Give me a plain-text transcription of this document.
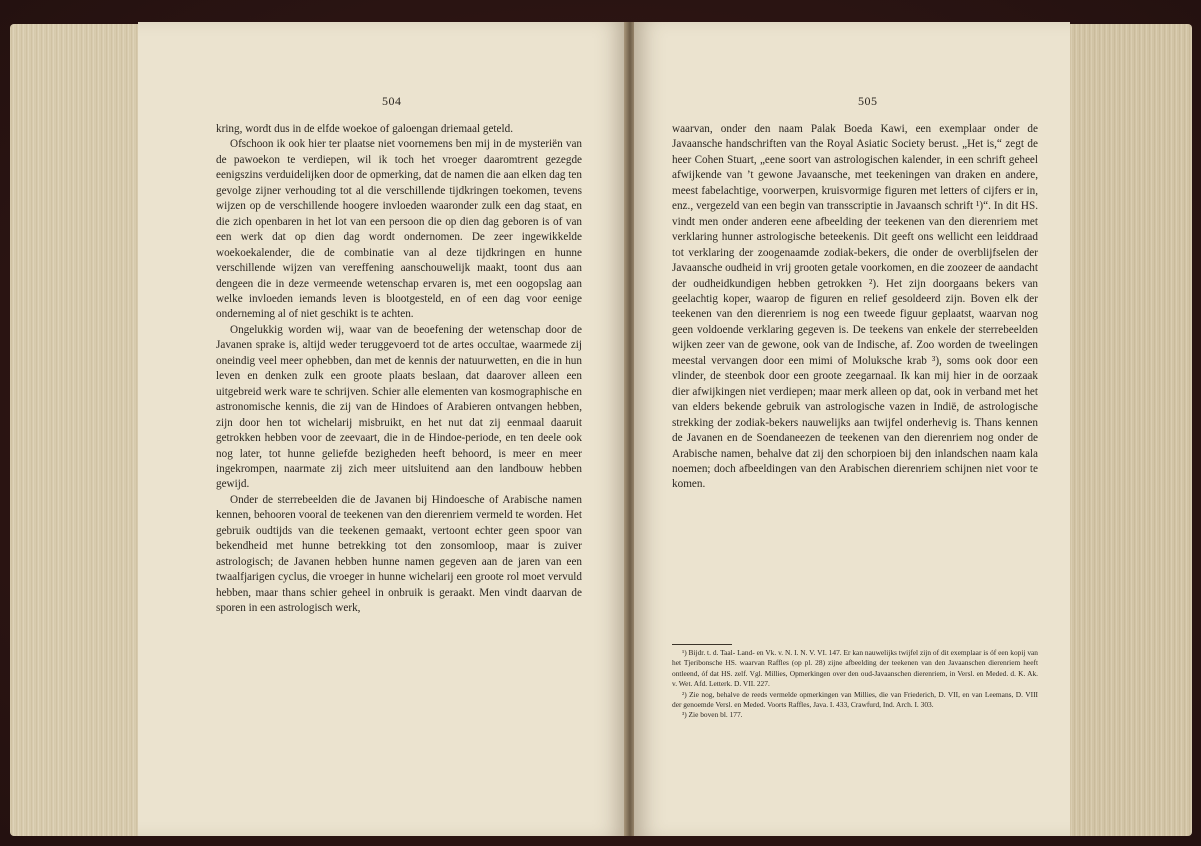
504

kring, wordt dus in de elfde woekoe of galoengan driemaal geteld.

Ofschoon ik ook hier ter plaatse niet voornemens ben mij in de mysteriën van de pawoekon te verdiepen, wil ik toch het vroeger daaromtrent gezegde eenigszins verduidelijken door de opmerking, dat de namen die aan elken dag ten gevolge zijner verhouding tot al die verschillende tijdkringen toekomen, tevens wijzen op de verschillende hoogere invloeden waaronder zulk een dag staat, en die zich openbaren in het lot van een persoon die op dien dag geboren is of van een werk dat op dien dag wordt ondernomen. De zeer ingewikkelde woekoekalender, die de combinatie van al deze tijdkringen en hunne verschillende wijzen van vereffening aanschouwelijk maakt, toont dus aan dengeen die in deze vermeende wetenschap ervaren is, met een oogopslag aan welke invloeden iemands leven is blootgesteld, en of een dag voor eenige onderneming al of niet geschikt is te achten.

Ongelukkig worden wij, waar van de beoefening der wetenschap door de Javanen sprake is, altijd weder teruggevoerd tot de artes occultae, waarmede zij oneindig veel meer ophebben, dan met de kennis der natuurwetten, en die in hun leven en denken zulk een groote plaats beslaan, dat daarover alleen een uitgebreid werk ware te schrijven. Schier alle elementen van kosmographische en astronomische kennis, die zij van de Hindoes of Arabieren ontvangen hebben, zijn door hen tot wichelarij misbruikt, en het nut dat zij eenmaal daaruit getrokken hebben voor de zeevaart, die in de Hindoe-periode, en ten deele ook nog later, tot hunne geliefde bezigheden heeft behoord, is meer en meer ingekrompen, naarmate zij zich meer uitsluitend aan den landbouw hebben gewijd.

Onder de sterrebeelden die de Javanen bij Hindoesche of Arabische namen kennen, behooren vooral de teekenen van den dierenriem vermeld te worden. Het gebruik oudtijds van die teekenen gemaakt, vertoont echter geen spoor van bekendheid met hunne betrekking tot den zonsomloop, maar is zuiver astrologisch; de Javanen hebben hunne namen gegeven aan de jaren van een twaalfjarigen cyclus, die vroeger in hunne wichelarij een groote rol moet vervuld hebben, maar thans schier geheel in onbruik is geraakt. Men vindt daarvan de sporen in een astrologisch werk,

505

waarvan, onder den naam Palak Boeda Kawi, een exemplaar onder de Javaansche handschriften van the Royal Asiatic Society berust. „Het is,“ zegt de heer Cohen Stuart, „eene soort van astrologischen kalender, in een schrift geheel afwijkende van ’t gewone Javaansche, met teekeningen van draken en andere, meest fabelachtige, voorwerpen, kruisvormige figuren met letters of cijfers er in, enz., vergezeld van een begin van transscriptie in Javaansch schrift ¹)“. In dit HS. vindt men onder anderen eene afbeelding der teekenen van den dierenriem met verklaring hunner astrologische beteekenis. Dit geeft ons wellicht een leiddraad tot verklaring der zoogenaamde zodiak-bekers, die onder de overblijfselen der Javaansche oudheid in vrij grooten getale voorkomen, en die zoozeer de aandacht der oudheidkundigen hebben getrokken ²). Het zijn doorgaans bekers van geelachtig koper, waarop de figuren en relief gesoldeerd zijn. Boven elk der teekenen van den dierenriem is nog een tweede figuur geplaatst, waarvan nog geen voldoende verklaring gegeven is. De teekens van enkele der sterrebeelden wijken zeer van de gewone, ook van de Indische, af. Zoo worden de tweelingen meestal vervangen door een mimi of Moluksche krab ³), soms ook door een vlinder, de steenbok door een groote zeegarnaal. Ik kan mij hier in de oorzaak dier afwijkingen niet verdiepen; maar merk alleen op dat, ook in verband met het van elders bekende gebruik van astrologische vazen in Indië, de astrologische strekking der zodiak-bekers nauwelijks aan twijfel onderhevig is. Thans kennen de Javanen en de Soendaneezen de teekenen van den dierenriem nog onder de Arabische namen, behalve dat zij den schorpioen bij den inlandschen naam kala noemen; doch afbeeldingen van den Arabischen dierenriem schijnen niet voor te komen.

¹) Bijdr. t. d. Taal- Land- en Vk. v. N. I. N. V. VI. 147. Er kan nauwelijks twijfel zijn of dit exemplaar is óf een kopij van het Tjeribonsche HS. waarvan Raffles (op pl. 28) zijne afbeelding der teekenen van den Javaanschen dierenriem heeft ontleend, óf dat HS. zelf. Vgl. Millies, Opmerkingen over den oud-Javaanschen dierenriem, in Versl. en Meded. d. K. Ak. v. Wet. Afd. Letterk. D. VII. 227.

²) Zie nog, behalve de reeds vermelde opmerkingen van Millies, die van Friederich, D. VII, en van Leemans, D. VIII der genoemde Versl. en Meded. Voorts Raffles, Java. I. 433, Crawfurd, Ind. Arch. I. 303.

³) Zie boven bl. 177.
